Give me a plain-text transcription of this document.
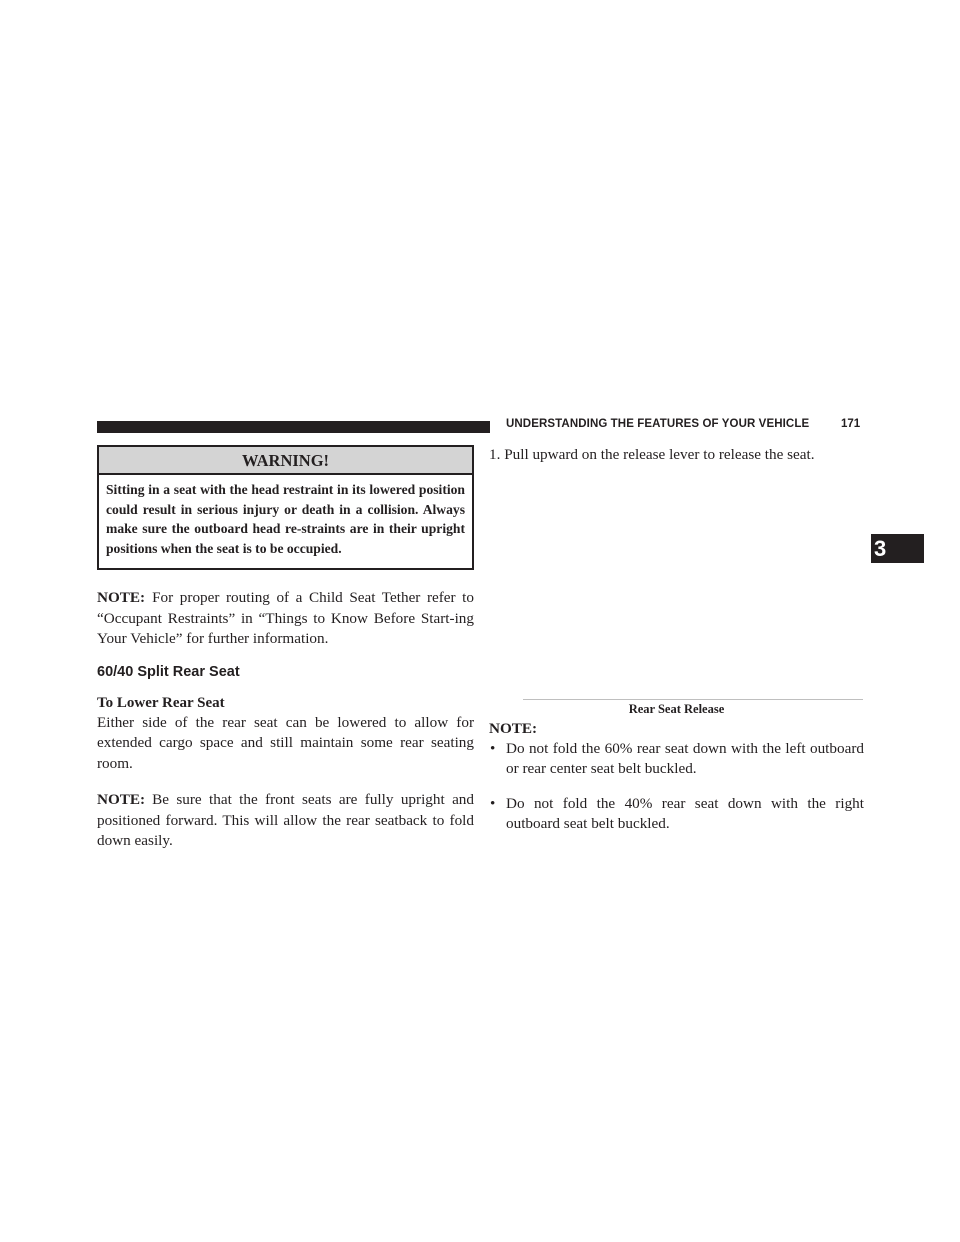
UNDERSTANDING THE FEATURES OF YOUR VEHICLE	171
3
WARNING!
Sitting in a seat with the head restraint in its lowered position could result in serious injury or death in a collision. Always make sure the outboard head re-straints are in their upright positions when the seat is to be occupied.

NOTE: For proper routing of a Child Seat Tether refer to “Occupant Restraints” in “Things to Know Before Start-ing Your Vehicle” for further information.

60/40 Split Rear Seat
To Lower Rear Seat

Either side of the rear seat can be lowered to allow for extended cargo space and still maintain some rear seating room.

NOTE: Be sure that the front seats are fully upright and positioned forward. This will allow the rear seatback to fold down easily.

1. Pull upward on the release lever to release the seat.

Rear Seat Release
NOTE:

• Do not fold the 60% rear seat down with the left outboard or rear center seat belt buckled.

• Do not fold the 40% rear seat down with the right outboard seat belt buckled.
